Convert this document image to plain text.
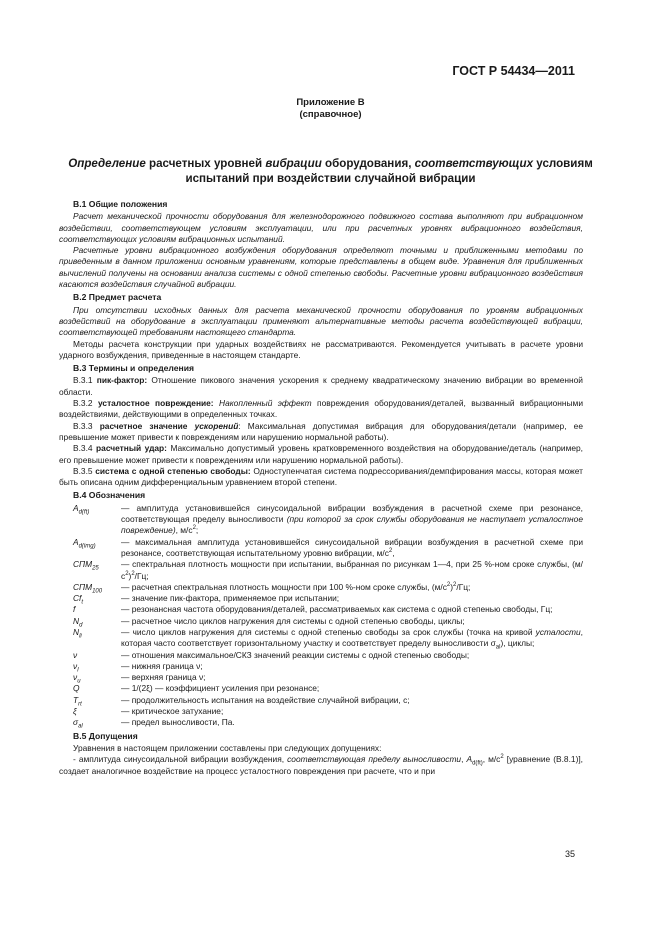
ГОСТ Р 54434—2011
Приложение В
(справочное)
Определение расчетных уровней вибрации оборудования, соответствующих условиям
испытаний при воздействии случайной вибрации
В.1 Общие положения

Расчет механической прочности оборудования для железнодорожного подвижного состава выполняют при вибрационном воздействии, соответствующем условиям эксплуатации, или при расчетных уровнях вибрационного воздействия, соответствующих условиям вибрационных испытаний.

Расчетные уровни вибрационного возбуждения оборудования определяют точными и приближенными методами по приведенным в данном приложении основным уравнениям, которые представлены в общем виде. Уравнения для приближенных вычислений получены на основании анализа системы с одной степенью свободы. Расчетные уровни вибрационного воздействия касаются воздействия случайной вибрации.

В.2 Предмет расчета

При отсутствии исходных данных для расчета механической прочности оборудования по уровням вибрационных воздействий на оборудование в эксплуатации применяют альтернативные методы расчета воздействующей вибрации, соответствующей требованиям настоящего стандарта.

Методы расчета конструкции при ударных воздействиях не рассматриваются. Рекомендуется учитывать в расчете уровни ударного возбуждения, приведенные в настоящем стандарте.

В.3 Термины и определения

В.3.1 пик-фактор: Отношение пикового значения ускорения к среднему квадратическому значению вибрации во временной области.

В.3.2 усталостное повреждение: Накопленный эффект повреждения оборудования/деталей, вызванный вибрационными воздействиями, действующими в определенных точках.

В.3.3 расчетное значение ускорений: Максимальная допустимая вибрация для оборудования/детали (например, ее превышение может привести к повреждениям или нарушению нормальной работы).

В.3.4 расчетный удар: Максимально допустимый уровень кратковременного воздействия на оборудование/деталь (например, его превышение может привести к повреждениям или нарушению нормальной работы).

В.3.5 система с одной степенью свободы: Одноступенчатая система подрессоривания/демпфирования массы, которая может быть описана одним дифференциальным уравнением второй степени.

В.4 Обозначения
$A_{d(ft)}$	— амплитуда установившейся синусоидальной вибрации возбуждения в расчетной схеме при резонансе, соответствующая пределу выносливости (при которой за срок службы оборудования не наступает усталостное повреждение), $м/с^2$;
$A_{d(img)}$	— максимальная амплитуда установившейся синусоидальной вибрации возбуждения в расчетной схеме при резонансе, соответствующая испытательному уровню вибрации, $м/с^2$,
$СПМ_{25}$	— спектральная плотность мощности при испытании, выбранная по рисункам 1—4, при 25 %-ном сроке службы, $(м/с^2)^2/Гц$;
$СПМ_{100}$	— расчетная спектральная плотность мощности при 100 %-ном сроке службы, $(м/с^2)^2/Гц$;
$Cf_t$	— значение пик-фактора, применяемое при испытании;
f	— резонансная частота оборудования/деталей, рассматриваемых как система с одной степенью свободы, Гц;
$N_d$	— расчетное число циклов нагружения для системы с одной степенью свободы, циклы;
$N_{li}$	— число циклов нагружения для системы с одной степенью свободы за срок службы (точка на кривой усталости, которая часто соответствует горизонтальному участку и соответствует пределу выносливости $\sigma_{al}$), циклы;
ν	— отношения максимальное/СКЗ значений реакции системы с одной степенью свободы;
$\nu_l$	— нижняя граница ν;
$\nu_u$	— верхняя граница ν;
Q	— 1/(2ξ) — коэффициент усиления при резонансе;
$T_{rt}$	— продолжительность испытания на воздействие случайной вибрации, с;
ξ	— критическое затухание;
$\sigma_{al}$	— предел выносливости, Па.
В.5 Допущения

Уравнения в настоящем приложении составлены при следующих допущениях:

- амплитуда синусоидальной вибрации возбуждения, соответствующая пределу выносливости, $A_{d(ft)}$, $м/с^2$ [уравнение (В.8.1)], создает аналогичное воздействие на процесс усталостного повреждения при расчете, что и при

35
